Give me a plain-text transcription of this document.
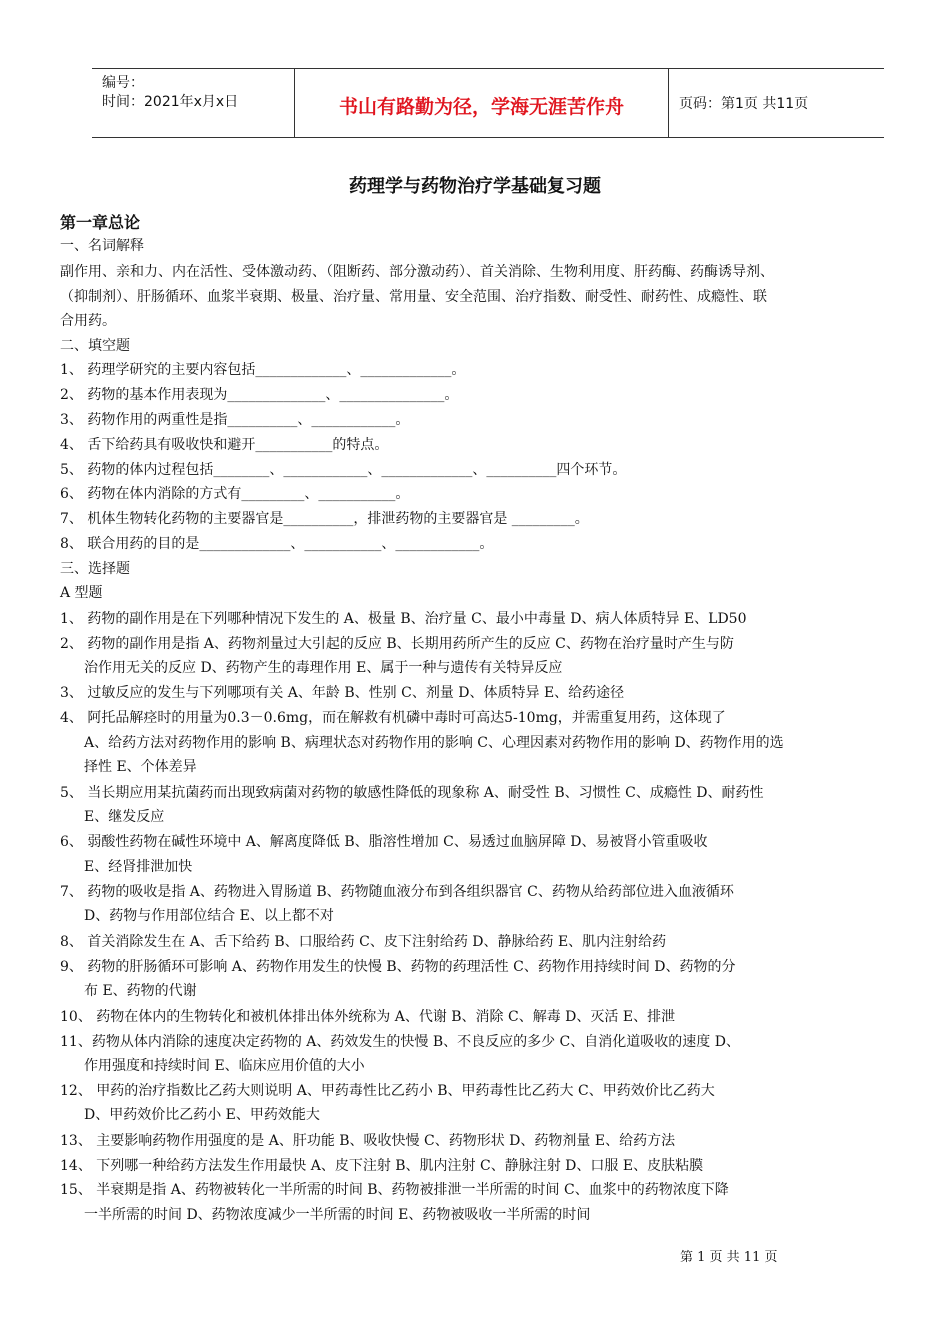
编号：
时间：2021年x月x日	书山有路勤为径，学海无涯苦作舟	页码：第1页 共11页
药理学与药物治疗学基础复习题
第一章总论
一、名词解释
副作用、亲和力、内在活性、受体激动药、（阻断药、部分激动药）、首关消除、生物利用度、肝药酶、药酶诱导剂、
（抑制剂）、肝肠循环、血浆半衰期、极量、治疗量、常用量、安全范围、治疗指数、耐受性、耐药性、成瘾性、联
合用药。
二、填空题
1、 药理学研究的主要内容包括_____________、_____________。
2、 药物的基本作用表现为______________、_______________。
3、 药物作用的两重性是指__________、____________。
4、 舌下给药具有吸收快和避开___________的特点。
5、 药物的体内过程包括________、____________、_____________、__________四个环节。
6、 药物在体内消除的方式有_________、___________。
7、 机体生物转化药物的主要器官是__________，排泄药物的主要器官是 _________。
8、 联合用药的目的是_____________、___________、____________。
三、选择题
A 型题
1、 药物的副作用是在下列哪种情况下发生的 A、极量 B、治疗量 C、最小中毒量 D、病人体质特异 E、LD50
2、 药物的副作用是指 A、药物剂量过大引起的反应 B、长期用药所产生的反应 C、药物在治疗量时产生与防
治作用无关的反应 D、药物产生的毒理作用 E、属于一种与遗传有关特异反应
3、 过敏反应的发生与下列哪项有关 A、年龄 B、性别 C、剂量 D、体质特异 E、给药途径
4、 阿托品解痉时的用量为0.3－0.6mg，而在解救有机磷中毒时可高达5-10mg，并需重复用药，这体现了
A、给药方法对药物作用的影响 B、病理状态对药物作用的影响 C、心理因素对药物作用的影响 D、药物作用的选
择性 E、个体差异
5、 当长期应用某抗菌药而出现致病菌对药物的敏感性降低的现象称 A、耐受性 B、习惯性 C、成瘾性 D、耐药性
E、继发反应
6、 弱酸性药物在碱性环境中 A、解离度降低 B、脂溶性增加 C、易透过血脑屏障 D、易被肾小管重吸收
E、经肾排泄加快
7、 药物的吸收是指 A、药物进入胃肠道 B、药物随血液分布到各组织器官 C、药物从给药部位进入血液循环
D、药物与作用部位结合 E、以上都不对
8、 首关消除发生在 A、舌下给药 B、口服给药 C、皮下注射给药 D、静脉给药 E、肌内注射给药
9、 药物的肝肠循环可影响 A、药物作用发生的快慢 B、药物的药理活性 C、药物作用持续时间 D、药物的分
布 E、药物的代谢
10、 药物在体内的生物转化和被机体排出体外统称为 A、代谢 B、消除 C、解毒 D、灭活 E、排泄
11、药物从体内消除的速度决定药物的 A、药效发生的快慢 B、不良反应的多少 C、自消化道吸收的速度 D、
作用强度和持续时间 E、临床应用价值的大小
12、 甲药的治疗指数比乙药大则说明 A、甲药毒性比乙药小 B、甲药毒性比乙药大 C、甲药效价比乙药大
D、甲药效价比乙药小 E、甲药效能大
13、 主要影响药物作用强度的是 A、肝功能 B、吸收快慢 C、药物形状 D、药物剂量 E、给药方法
14、 下列哪一种给药方法发生作用最快 A、皮下注射 B、肌内注射 C、静脉注射 D、口服 E、皮肤粘膜
15、 半衰期是指 A、药物被转化一半所需的时间 B、药物被排泄一半所需的时间 C、血浆中的药物浓度下降
一半所需的时间 D、药物浓度减少一半所需的时间 E、药物被吸收一半所需的时间
第 1 页 共 11 页
